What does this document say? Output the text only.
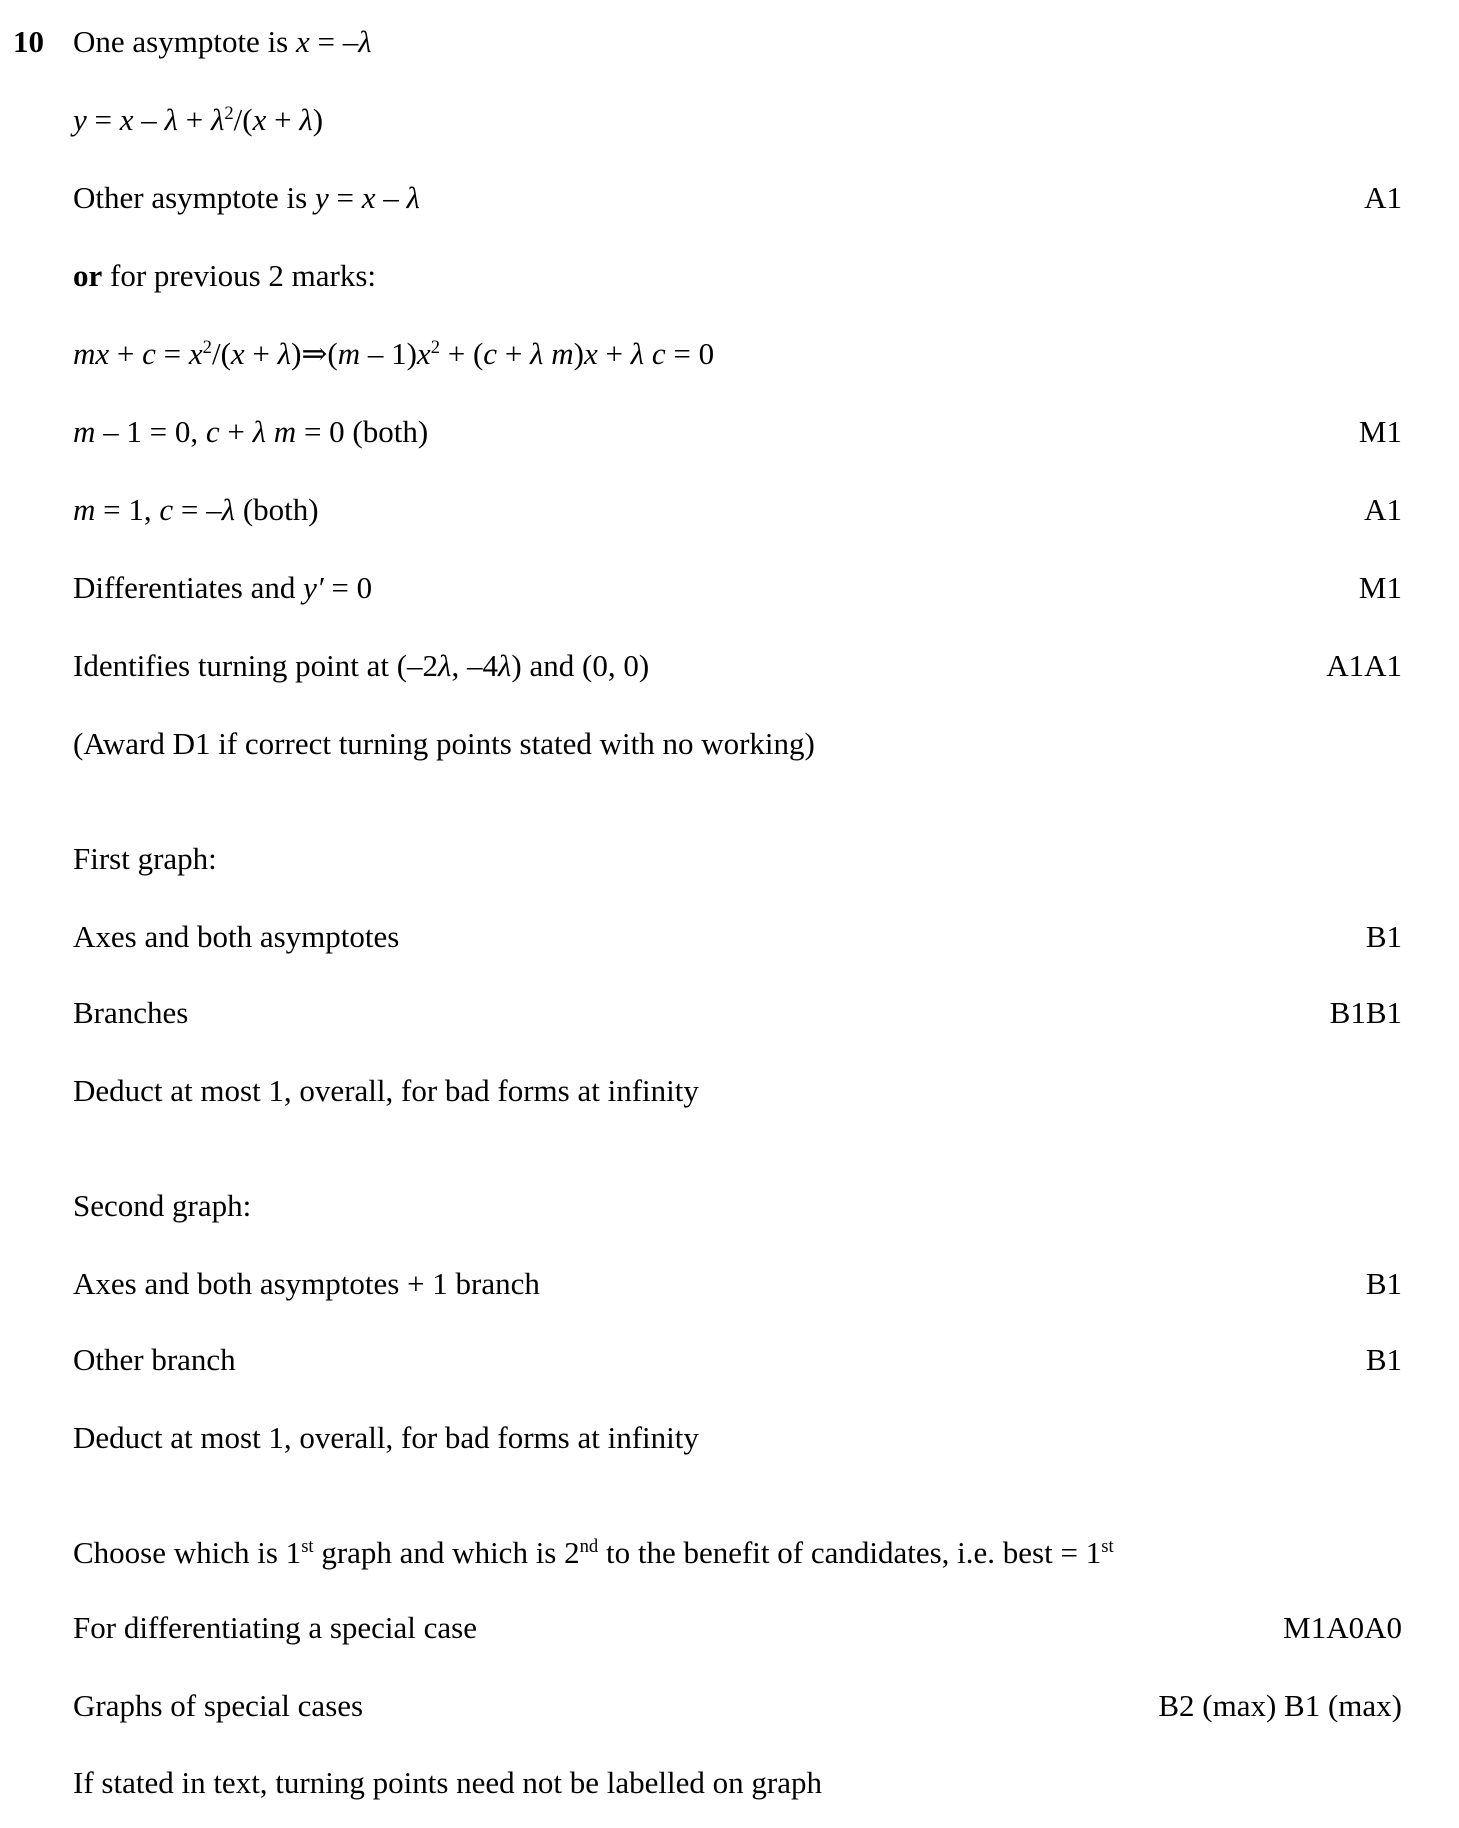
10 One asymptote is x = –λ
$y = x - \lambda + \lambda^2/(x + \lambda)$
Other asymptote is y = x – λ	A1
or for previous 2 marks:
mx + $c = x^2/(x$ + λ)⇒(m – $1)x^2 + (c + \lambda$ m)x + λ c = 0
m – 1 = 0, c + λ m = 0 (both)	M1
m = 1, c = –λ (both)	A1
Differentiates and y′ = 0	M1
Identifies turning point at (–2λ, –4λ) and (0, 0)	A1A1
(Award D1 if correct turning points stated with no working)
First graph:
Axes and both asymptotes	B1
Branches	B1B1
Deduct at most 1, overall, for bad forms at infinity
Second graph:
Axes and both asymptotes + 1 branch	B1
Other branch	B1
Deduct at most 1, overall, for bad forms at infinity
Choose which is 1st graph and which is 2nd to the benefit of candidates, i.e. best = 1st
For differentiating a special case	M1A0A0
Graphs of special cases	B2 (max) B1 (max)
If stated in text, turning points need not be labelled on graph
